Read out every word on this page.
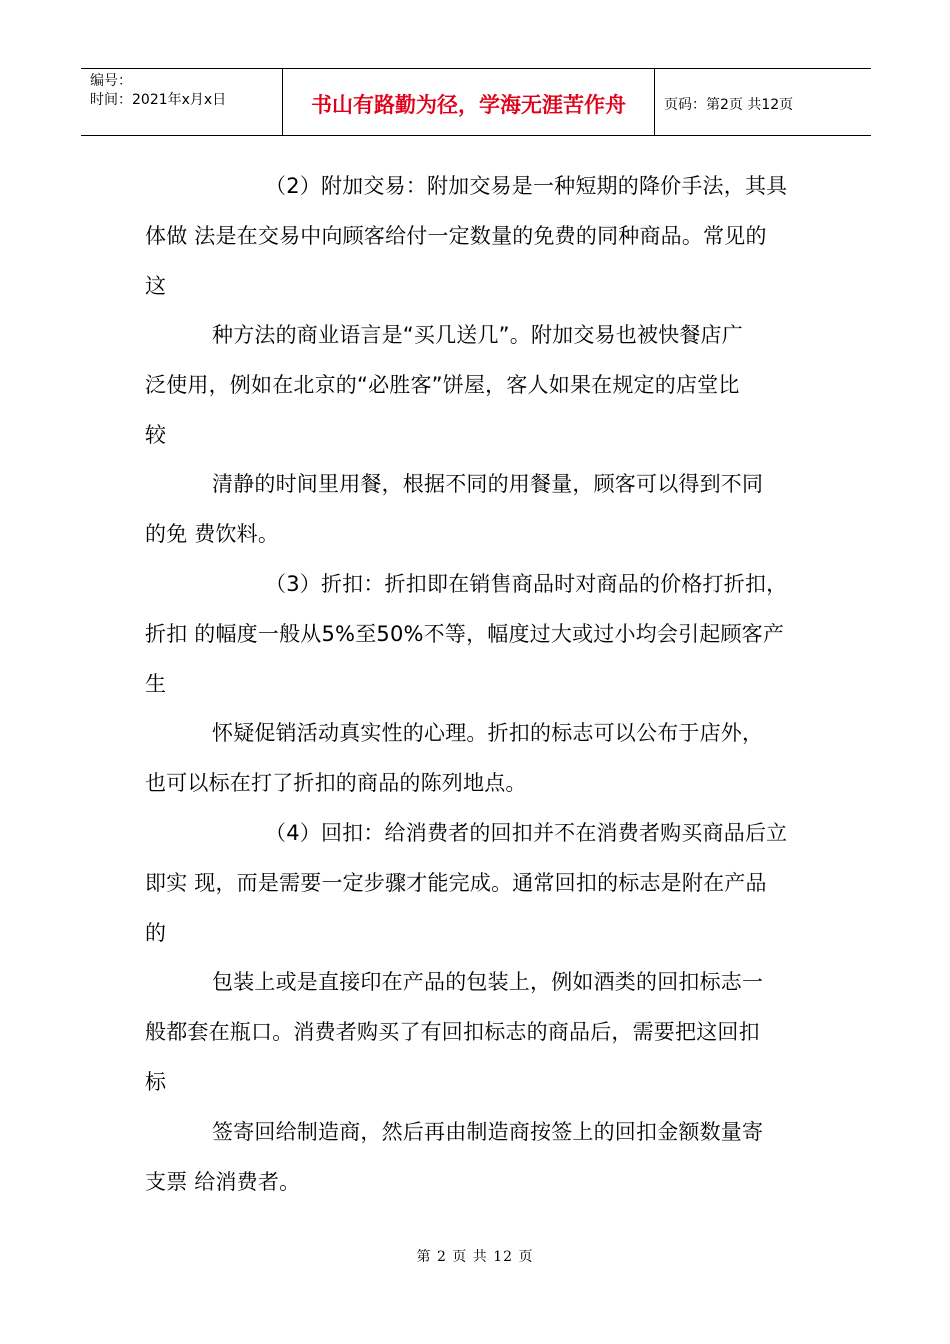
编号：
时间：2021年x月x日	书山有路勤为径，学海无涯苦作舟	页码：第2页 共12页
（2）附加交易：附加交易是一种短期的降价手法，其具
体做 法是在交易中向顾客给付一定数量的免费的同种商品。常见的
这
种方法的商业语言是“买几送几”。附加交易也被快餐店广
泛使用，例如在北京的“必胜客”饼屋，客人如果在规定的店堂比
较
清静的时间里用餐，根据不同的用餐量，顾客可以得到不同
的免 费饮料。
（3）折扣：折扣即在销售商品时对商品的价格打折扣，
折扣 的幅度一般从5%至50%不等，幅度过大或过小均会引起顾客产
生
怀疑促销活动真实性的心理。折扣的标志可以公布于店外，
也可以标在打了折扣的商品的陈列地点。
（4）回扣：给消费者的回扣并不在消费者购买商品后立
即实 现，而是需要一定步骤才能完成。通常回扣的标志是附在产品
的
包装上或是直接印在产品的包装上，例如酒类的回扣标志一
般都套在瓶口。消费者购买了有回扣标志的商品后，需要把这回扣
标
签寄回给制造商，然后再由制造商按签上的回扣金额数量寄
支票 给消费者。
第 2 页 共 12 页
